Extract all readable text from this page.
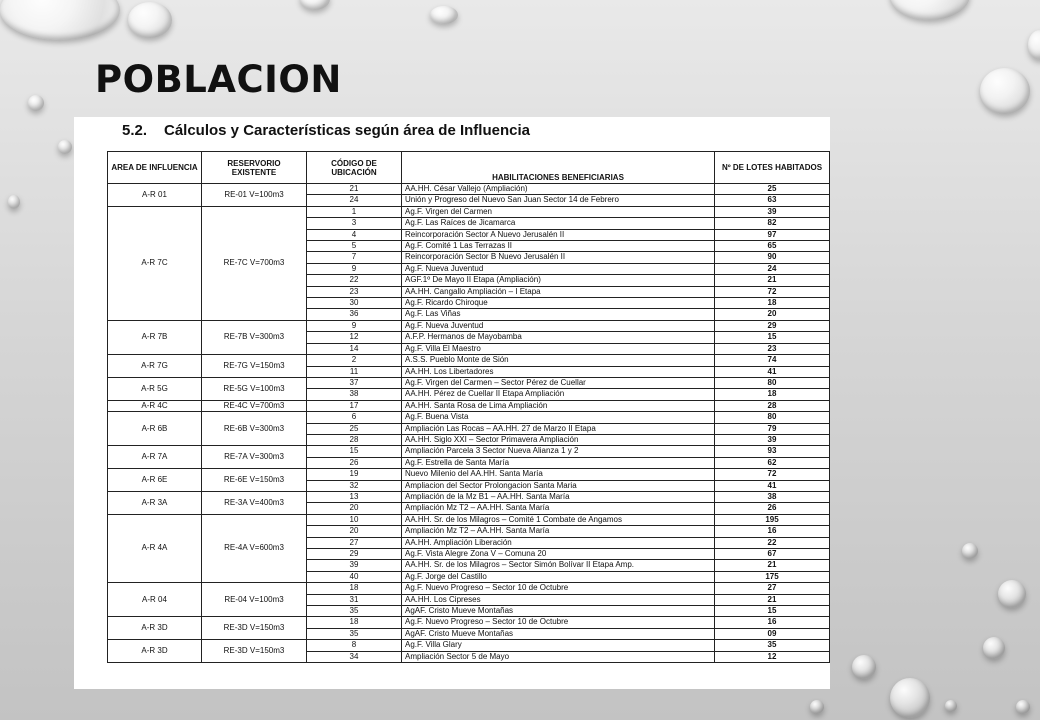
POBLACION
5.2. Cálculos y Características según área de Influencia
AREA DE INFLUENCIA	RESERVORIO EXISTENTE	CÓDIGO DE UBICACIÓN	HABILITACIONES BENEFICIARIAS	Nº DE LOTES HABITADOS
A-R 01	RE-01 V=100m3	21	AA.HH. César Vallejo (Ampliación)	25
		24	Unión y Progreso del Nuevo San Juan Sector 14 de Febrero	63
A-R 7C	RE-7C V=700m3	1	Ag.F. Virgen del Carmen	39
		3	Ag.F. Las Raíces de Jicamarca	82
		4	Reincorporación Sector A Nuevo Jerusalén II	97
		5	Ag.F. Comité 1 Las Terrazas II	65
		7	Reincorporación Sector B Nuevo Jerusalén II	90
		9	Ag.F. Nueva Juventud	24
		22	AGF.1º De Mayo II Etapa (Ampliación)	21
		23	AA.HH. Cangallo Ampliación – I Etapa	72
		30	Ag.F. Ricardo Chiroque	18
		36	Ag.F. Las Viñas	20
A-R 7B	RE-7B V=300m3	9	Ag.F. Nueva Juventud	29
		12	A.F.P. Hermanos de Mayobamba	15
		14	Ag.F. Villa El Maestro	23
A-R 7G	RE-7G V=150m3	2	A.S.S. Pueblo Monte de Sión	74
		11	AA.HH. Los Libertadores	41
A-R 5G	RE-5G V=100m3	37	Ag.F. Virgen del Carmen – Sector Pérez de Cuellar	80
		38	AA.HH. Pérez de Cuellar II Etapa Ampliación	18
A-R 4C	RE-4C V=700m3	17	AA.HH. Santa Rosa de Lima Ampliación	28
A-R 6B	RE-6B V=300m3	6	Ag.F. Buena Vista	80
		25	Ampliación Las Rocas – AA.HH. 27 de Marzo II Etapa	79
		28	AA.HH. Siglo XXI – Sector Primavera Ampliación	39
A-R 7A	RE-7A V=300m3	15	Ampliación Parcela 3 Sector Nueva Alianza 1 y 2	93
		26	Ag.F. Estrella de Santa María	62
A-R 6E	RE-6E V=150m3	19	Nuevo Milenio del AA.HH. Santa María	72
		32	Ampliacion del Sector Prolongacion Santa Maria	41
A-R 3A	RE-3A V=400m3	13	Ampliación de la Mz B1 – AA.HH. Santa María	38
		20	Ampliación Mz T2 – AA.HH. Santa María	26
A-R 4A	RE-4A V=600m3	10	AA.HH. Sr. de los Milagros – Comité 1 Combate de Angamos	195
		20	Ampliación Mz T2 – AA.HH. Santa María	16
		27	AA.HH. Ampliación Liberación	22
		29	Ag.F. Vista Alegre Zona V – Comuna 20	67
		39	AA.HH. Sr. de los Milagros – Sector Simón Bolívar II Etapa Amp.	21
		40	Ag.F. Jorge del Castillo	175
A-R 04	RE-04 V=100m3	18	Ag.F. Nuevo Progreso – Sector 10 de Octubre	27
		31	AA.HH. Los Cipreses	21
		35	AgAF. Cristo Mueve Montañas	15
A-R 3D	RE-3D V=150m3	18	Ag.F. Nuevo Progreso – Sector 10 de Octubre	16
		35	AgAF. Cristo Mueve Montañas	09
A-R 3D	RE-3D V=150m3	8	Ag.F. Villa Glary	35
		34	Ampliación Sector 5 de Mayo	12
